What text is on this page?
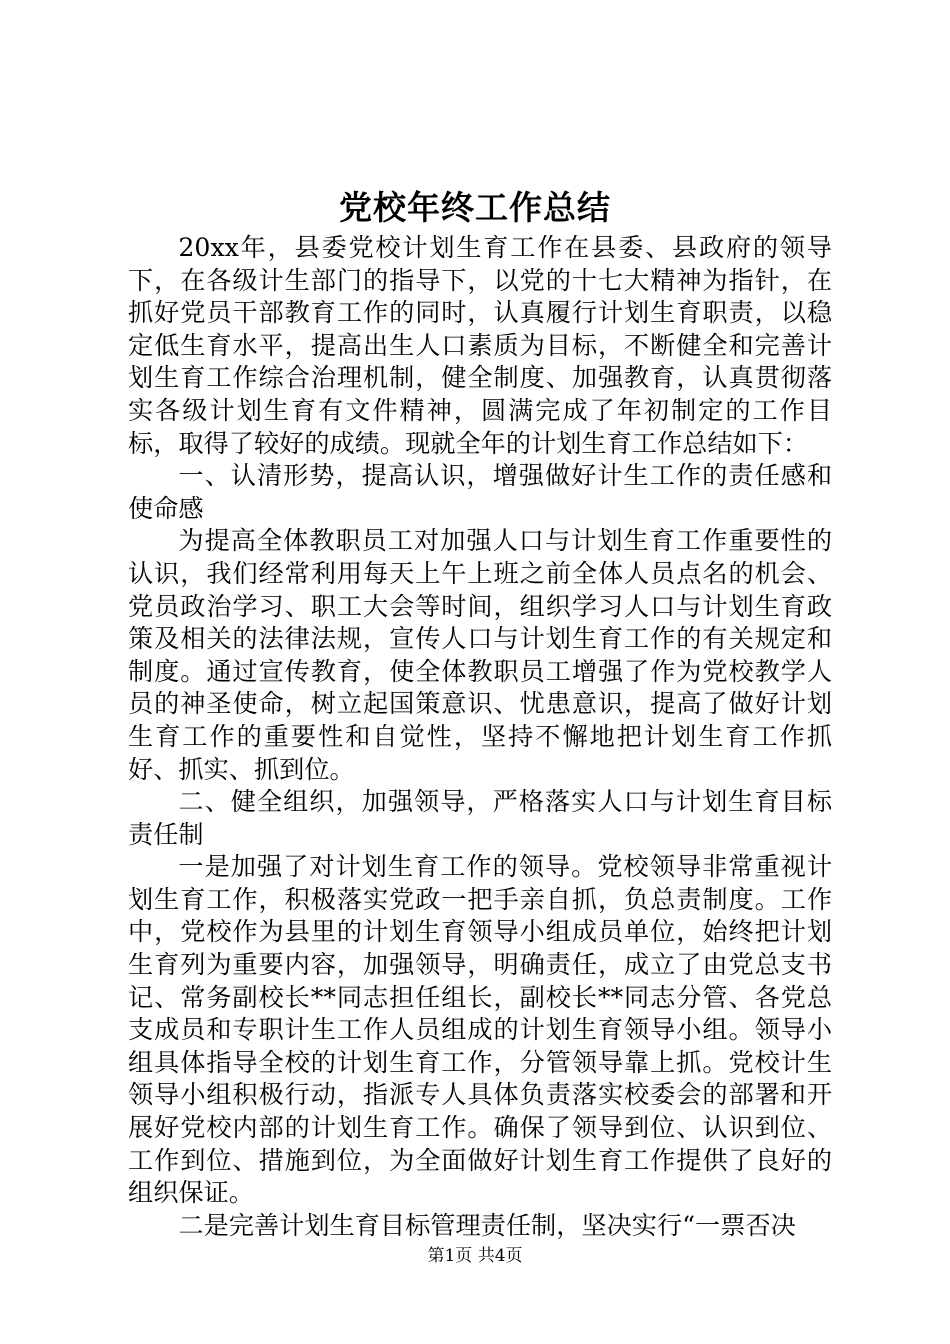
党校年终工作总结

20xx年，县委党校计划生育工作在县委、县政府的领导下，在各级计生部门的指导下，以党的十七大精神为指针，在抓好党员干部教育工作的同时，认真履行计划生育职责，以稳定低生育水平，提高出生人口素质为目标，不断健全和完善计划生育工作综合治理机制，健全制度、加强教育，认真贯彻落实各级计划生育有文件精神，圆满完成了年初制定的工作目标，取得了较好的成绩。现就全年的计划生育工作总结如下：

一、认清形势，提高认识，增强做好计生工作的责任感和使命感

为提高全体教职员工对加强人口与计划生育工作重要性的认识，我们经常利用每天上午上班之前全体人员点名的机会、党员政治学习、职工大会等时间，组织学习人口与计划生育政策及相关的法律法规，宣传人口与计划生育工作的有关规定和制度。通过宣传教育，使全体教职员工增强了作为党校教学人员的神圣使命，树立起国策意识、忧患意识，提高了做好计划生育工作的重要性和自觉性，坚持不懈地把计划生育工作抓好、抓实、抓到位。

二、健全组织，加强领导，严格落实人口与计划生育目标责任制

一是加强了对计划生育工作的领导。党校领导非常重视计划生育工作，积极落实党政一把手亲自抓，负总责制度。工作中，党校作为县里的计划生育领导小组成员单位，始终把计划生育列为重要内容，加强领导，明确责任，成立了由党总支书记、常务副校长**同志担任组长，副校长**同志分管、各党总支成员和专职计生工作人员组成的计划生育领导小组。领导小组具体指导全校的计划生育工作，分管领导靠上抓。党校计生领导小组积极行动，指派专人具体负责落实校委会的部署和开展好党校内部的计划生育工作。确保了领导到位、认识到位、工作到位、措施到位，为全面做好计划生育工作提供了良好的组织保证。

二是完善计划生育目标管理责任制，坚决实行“一票否决

第1页 共4页
